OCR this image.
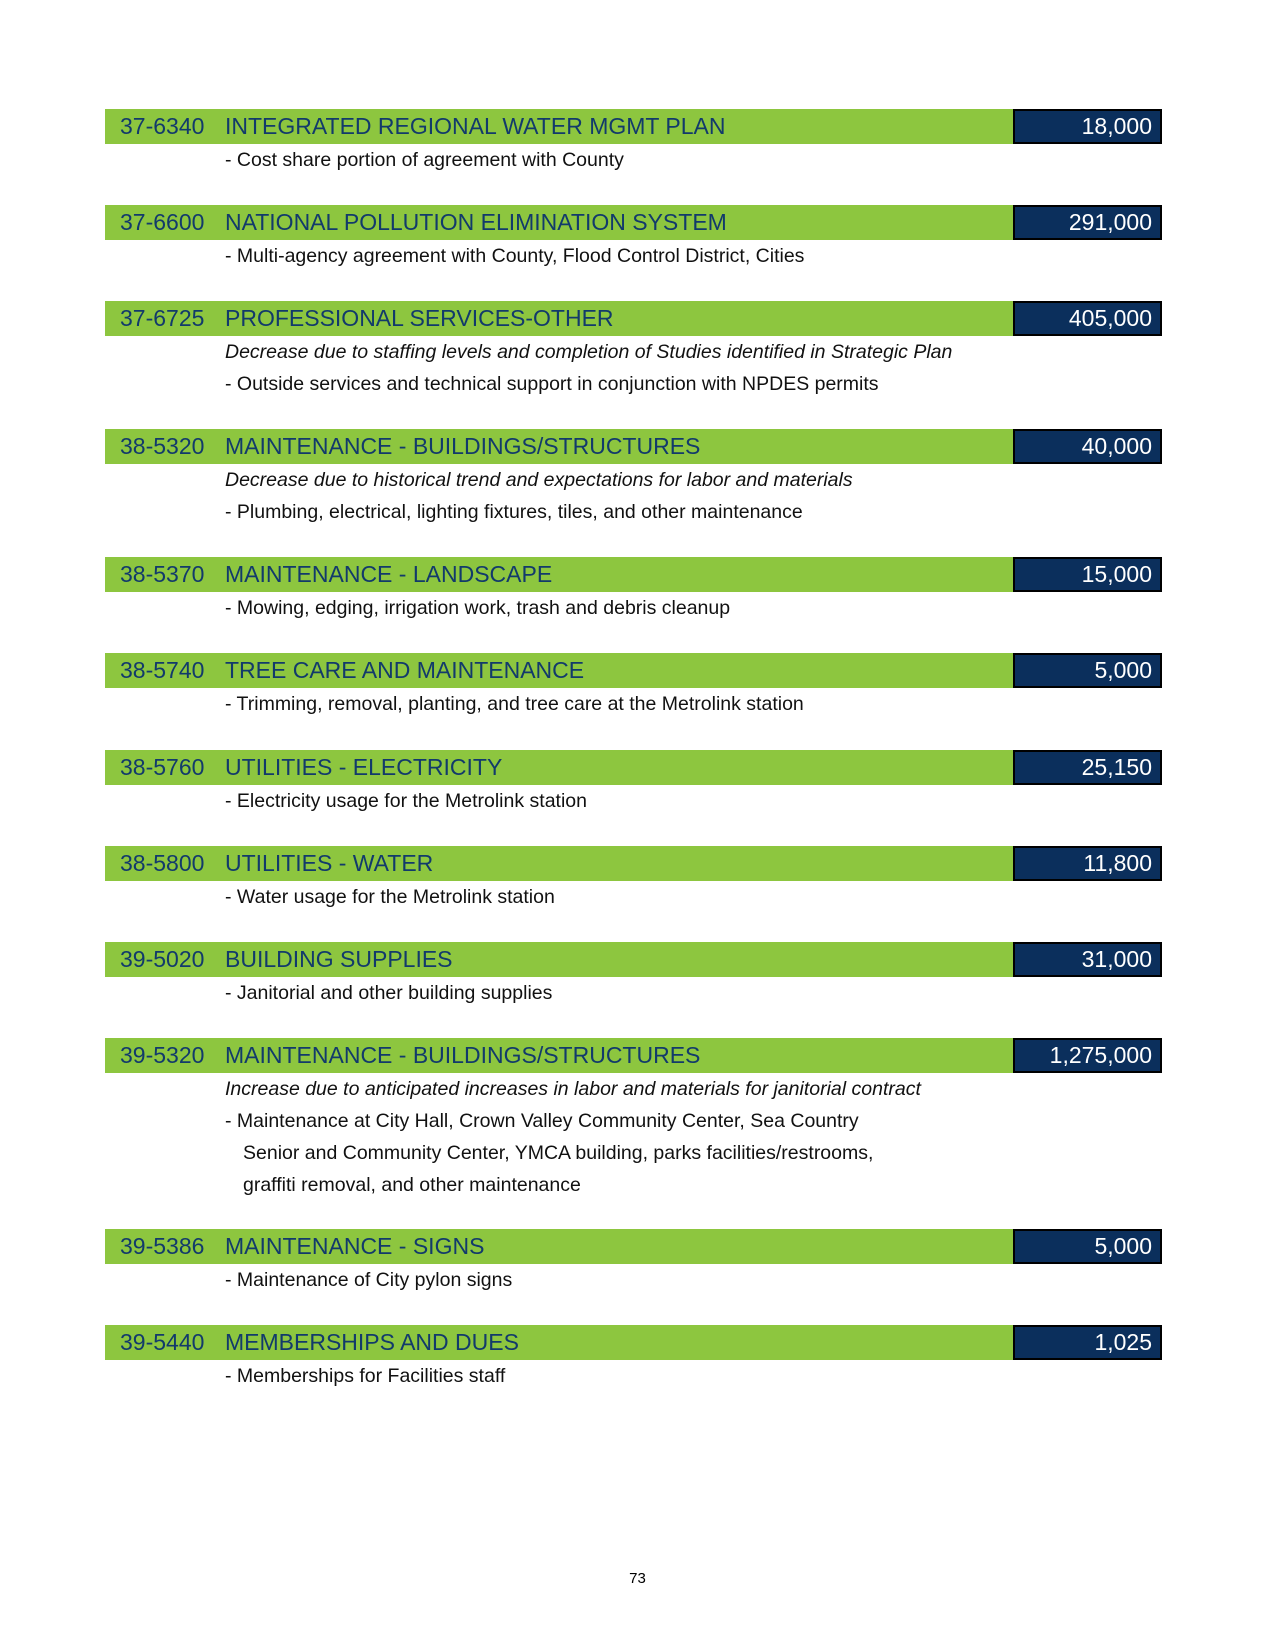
37-6340 INTEGRATED REGIONAL WATER MGMT PLAN	18,000
- Cost share portion of agreement with County
37-6600 NATIONAL POLLUTION ELIMINATION SYSTEM	291,000
- Multi-agency agreement with County, Flood Control District, Cities
37-6725 PROFESSIONAL SERVICES-OTHER	405,000
Decrease due to staffing levels and completion of Studies identified in Strategic Plan
- Outside services and technical support in conjunction with NPDES permits
38-5320 MAINTENANCE - BUILDINGS/STRUCTURES	40,000
Decrease due to historical trend and expectations for labor and materials
- Plumbing, electrical, lighting fixtures, tiles, and other maintenance
38-5370 MAINTENANCE - LANDSCAPE	15,000
- Mowing, edging, irrigation work, trash and debris cleanup
38-5740 TREE CARE AND MAINTENANCE	5,000
- Trimming, removal, planting, and tree care at the Metrolink station
38-5760 UTILITIES - ELECTRICITY	25,150
- Electricity usage for the Metrolink station
38-5800 UTILITIES - WATER	11,800
- Water usage for the Metrolink station
39-5020 BUILDING SUPPLIES	31,000
- Janitorial and other building supplies
39-5320 MAINTENANCE - BUILDINGS/STRUCTURES	1,275,000
Increase due to anticipated increases in labor and materials for janitorial contract
- Maintenance at City Hall, Crown Valley Community Center, Sea Country
Senior and Community Center, YMCA building, parks facilities/restrooms,
graffiti removal, and other maintenance
39-5386 MAINTENANCE - SIGNS	5,000
- Maintenance of City pylon signs
39-5440 MEMBERSHIPS AND DUES	1,025
- Memberships for Facilities staff
73
